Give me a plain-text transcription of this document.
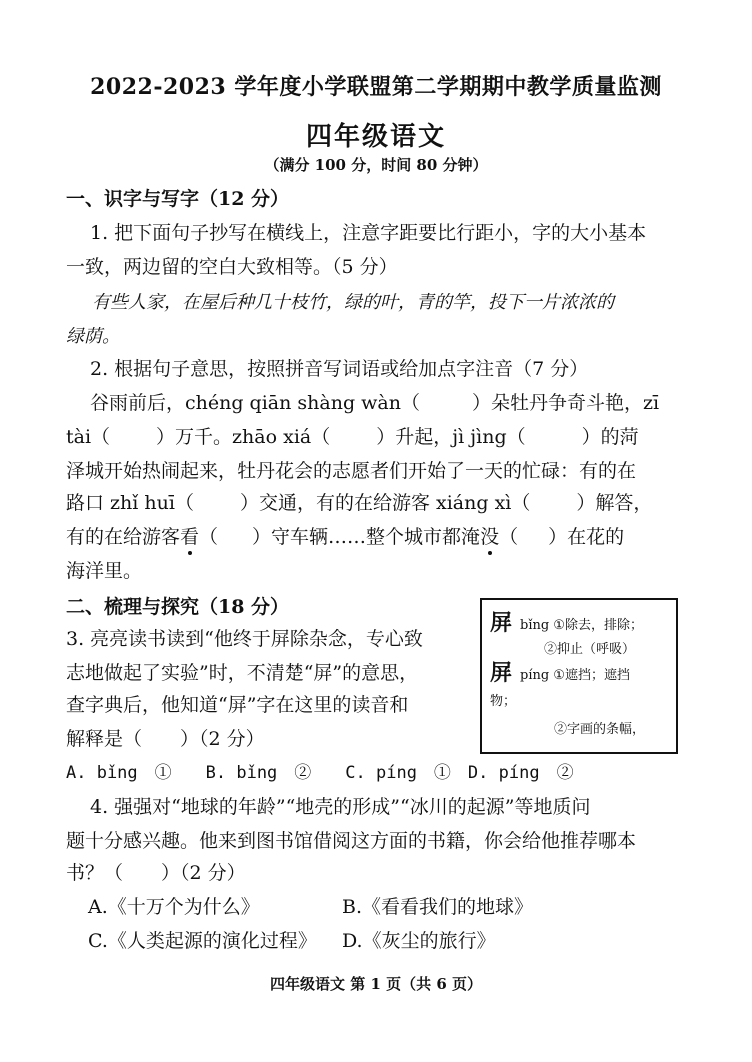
2022-2023 学年度小学联盟第二学期期中教学质量监测
四年级语文
（满分 100 分，时间 80 分钟）
一、识字与写字（12 分）
1. 把下面句子抄写在横线上，注意字距要比行距小，字的大小基本
一致，两边留的空白大致相等。（5 分）
有些人家，在屋后种几十枝竹，绿的叶，青的竿，投下一片浓浓的
绿荫。
2. 根据句子意思，按照拼音写词语或给加点字注音（7 分）
谷雨前后，chéng qiān shàng wàn（	）朵牡丹争奇斗艳，zī
tài（ ）万千。zhāo xiá（ ）升起，jì jìng（	）的菏
泽城开始热闹起来，牡丹花会的志愿者们开始了一天的忙碌：有的在
路口 zhǐ huī（ ）交通，有的在给游客 xiáng xì（ ）解答，
有的在给游客看（ ）守车辆……整个城市都淹没（ ）在花的
海洋里。
二、梳理与探究（18 分）
3. 亮亮读书读到“他终于屏除杂念，专心致
志地做起了实验”时，不清楚“屏”的意思，
查字典后，他知道“屏”字在这里的读音和
解释是（　　）（2 分）
屏 bǐng ①除去，排除；
②抑止（呼吸）
屏 píng ①遮挡；遮挡
物；
②字画的条幅，
A. bǐng　①　　B. bǐng　②　　C. píng　①　D. píng　②
4. 强强对“地球的年龄”“地壳的形成”“冰川的起源”等地质问
题十分感兴趣。他来到图书馆借阅这方面的书籍，你会给他推荐哪本
书？（　　）（2 分）
A.《十万个为什么》	B.《看看我们的地球》
C.《人类起源的演化过程》 D.《灰尘的旅行》
四年级语文 第 1 页（共 6 页）
